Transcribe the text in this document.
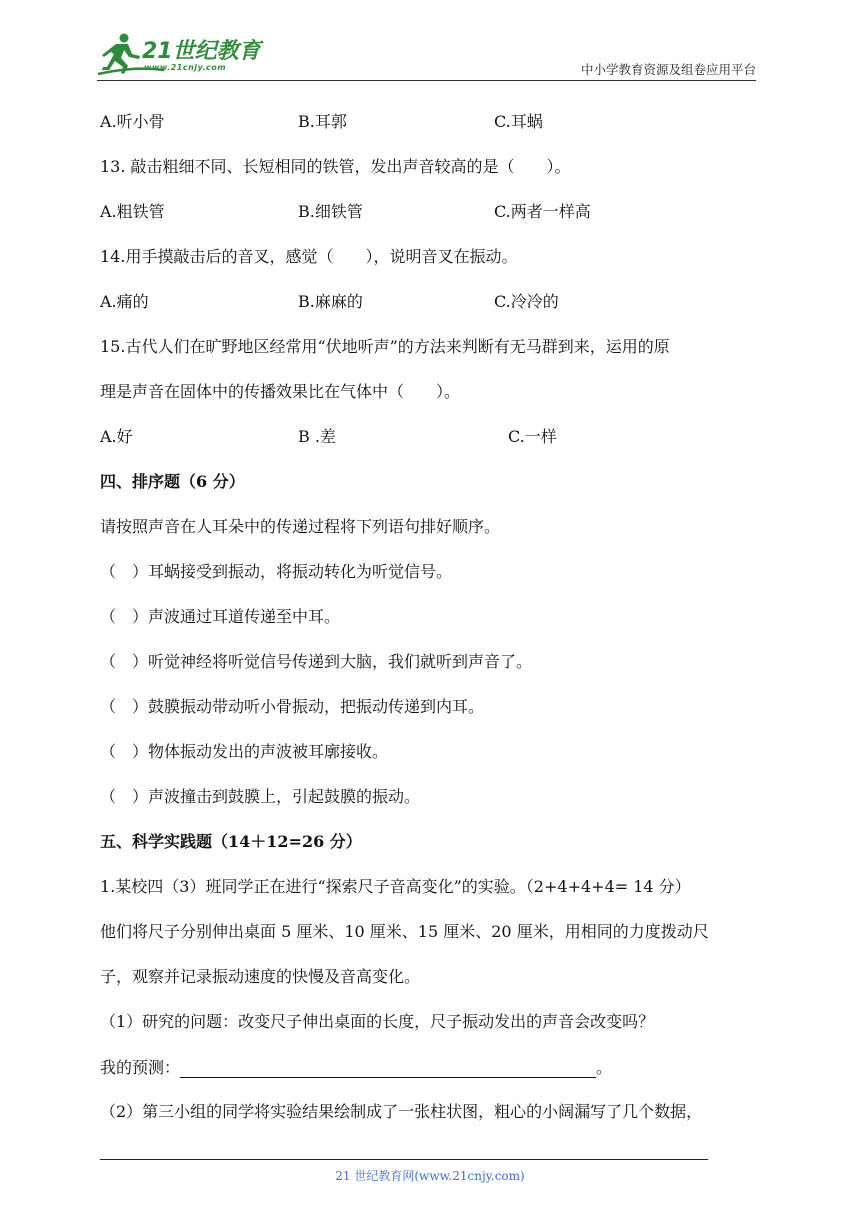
21世纪教育
www.21cnjy.com	中小学教育资源及组卷应用平台
A.听小骨	B.耳郭	C.耳蜗
13. 敲击粗细不同、长短相同的铁管，发出声音较高的是（　　）。
A.粗铁管	B.细铁管	C.两者一样高
14.用手摸敲击后的音叉，感觉（　　），说明音叉在振动。
A.痛的	B.麻麻的	C.冷冷的
15.古代人们在旷野地区经常用“伏地听声”的方法来判断有无马群到来，运用的原
理是声音在固体中的传播效果比在气体中（　　）。
A.好	B .差	C.一样
四、排序题（6 分）
请按照声音在人耳朵中的传递过程将下列语句排好顺序。
（　）耳蜗接受到振动，将振动转化为听觉信号。
（　）声波通过耳道传递至中耳。
（　）听觉神经将听觉信号传递到大脑，我们就听到声音了。
（　）鼓膜振动带动听小骨振动，把振动传递到内耳。
（　）物体振动发出的声波被耳廓接收。
（　）声波撞击到鼓膜上，引起鼓膜的振动。
五、科学实践题（14＋12=26 分）
1.某校四（3）班同学正在进行“探索尺子音高变化”的实验。（2+4+4+4= 14 分）
他们将尺子分别伸出桌面 5 厘米、10 厘米、15 厘米、20 厘米，用相同的力度拨动尺
子，观察并记录振动速度的快慢及音高变化。
（1）研究的问题：改变尺子伸出桌面的长度，尺子振动发出的声音会改变吗？
我的预测：	。
（2）第三小组的同学将实验结果绘制成了一张柱状图，粗心的小阔漏写了几个数据，
21 世纪教育网(www.21cnjy.com)
